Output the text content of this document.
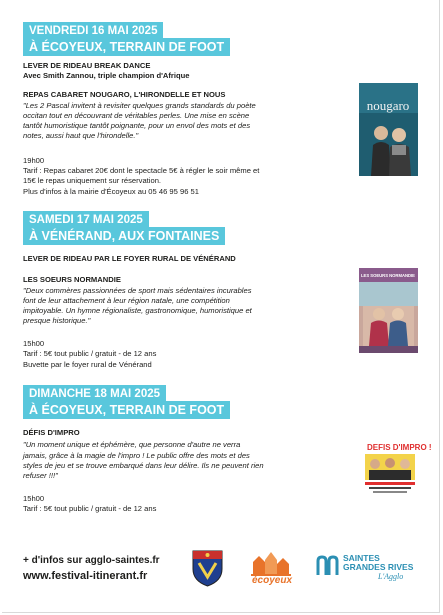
VENDREDI 16 MAI 2025
À ÉCOYEUX, TERRAIN DE FOOT
LEVER DE RIDEAU BREAK DANCE
Avec Smith Zannou, triple champion d'Afrique
REPAS CABARET NOUGARO, L'HIRONDELLE ET NOUS
"Les 2 Pascal invitent à revisiter quelques grands standards du poète
occitan tout en découvrant de véritables perles. Une mise en scène
tantôt humoristique tantôt poignante, pour un envol des mots et des
notes, aussi haut que l'hirondelle."
19h00
Tarif : Repas cabaret 20€ dont le spectacle 5€ à régler le soir même et
15€ le repas uniquement sur réservation.
Plus d'infos à la mairie d'Écoyeux au 05 46 95 96 51
nougaro
SAMEDI 17 MAI 2025
À VÉNÉRAND, AUX FONTAINES
LEVER DE RIDEAU PAR LE FOYER RURAL DE VÉNÉRAND
LES SOEURS NORMANDIE
"Deux commères passionnées de sport mais sédentaires incurables
font de leur attachement à leur région natale, une compétition
impitoyable. Un hymne régionaliste, gastronomique, humoristique et
presque historique."
15h00
Tarif : 5€ tout public / gratuit - de 12 ans
Buvette par le foyer rural de Vénérand
LES SOEURS NORMANDIE
DIMANCHE 18 MAI 2025
À ÉCOYEUX, TERRAIN DE FOOT
DÉFIS D'IMPRO
"Un moment unique et éphémère, que personne d'autre ne verra
jamais, grâce à la magie de l'impro ! Le public offre des mots et des
styles de jeu et se trouve embarqué dans leur délire. Ils ne peuvent rien
refuser !!!"
15h00
Tarif : 5€ tout public / gratuit - de 12 ans
DEFIS D'IMPRO !
+ d'infos sur agglo-saintes.fr
www.festival-itinerant.fr	écoyeux
SAINTES
GRANDES RIVES
L'Agglo
